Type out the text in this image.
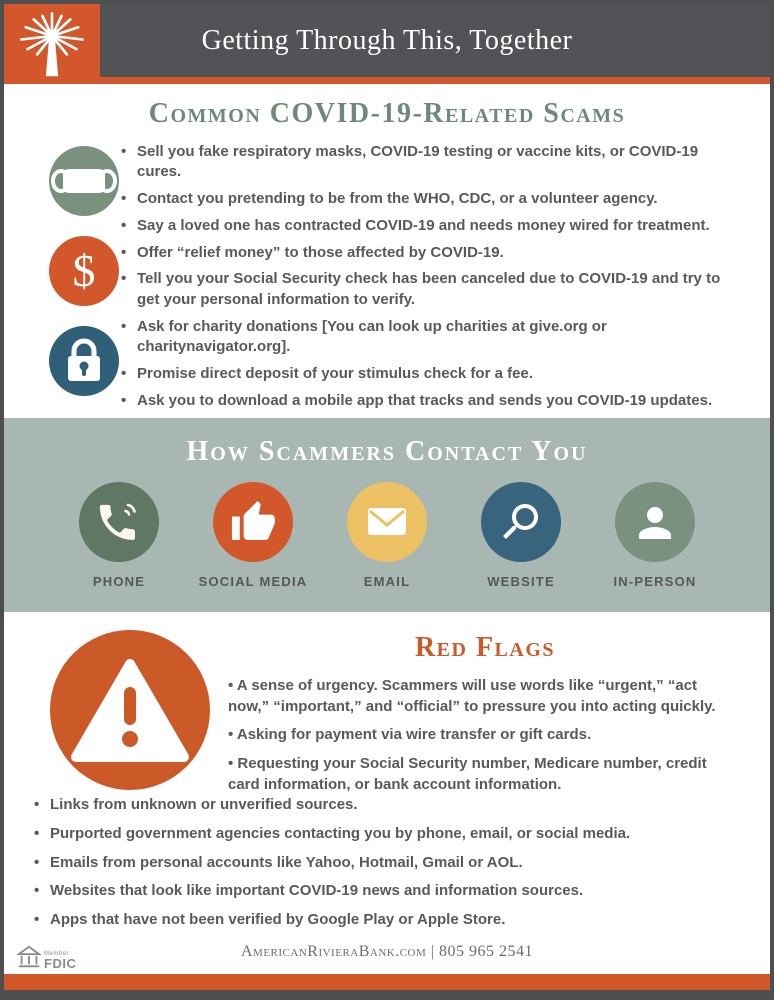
Getting Through This, Together
Common COVID-19-Related Scams
$
• Sell you fake respiratory masks, COVID-19 testing or vaccine kits, or COVID-19 cures.
• Contact you pretending to be from the WHO, CDC, or a volunteer agency.
• Say a loved one has contracted COVID-19 and needs money wired for treatment.
• Offer “relief money” to those affected by COVID-19.
• Tell you your Social Security check has been canceled due to COVID-19 and try to get your personal information to verify.
• Ask for charity donations [You can look up charities at give.org or charitynavigator.org].
• Promise direct deposit of your stimulus check for a fee.
• Ask you to download a mobile app that tracks and sends you COVID-19 updates.
How Scammers Contact You
PHONE	SOCIAL MEDIA	EMAIL	WEBSITE	IN-PERSON
Red Flags
• A sense of urgency. Scammers will use words like “urgent,” “act now,” “important,” and “official” to pressure you into acting quickly.
• Asking for payment via wire transfer or gift cards.
• Requesting your Social Security number, Medicare number, credit card information, or bank account information.
• Links from unknown or unverified sources.
• Purported government agencies contacting you by phone, email, or social media.
• Emails from personal accounts like Yahoo, Hotmail, Gmail or AOL.
• Websites that look like important COVID-19 news and information sources.
• Apps that have not been verified by Google Play or Apple Store.
Member
FDIC
AmericanRivieraBank.com | 805 965 2541
